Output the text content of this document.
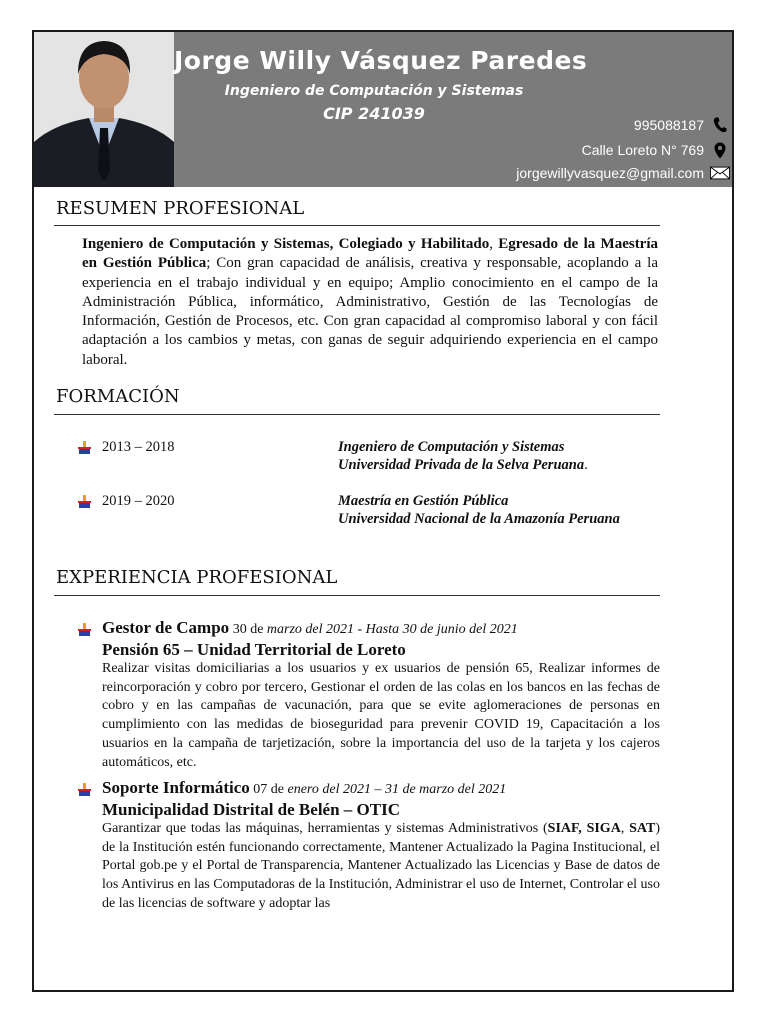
Jorge Willy Vásquez Paredes
Ingeniero de Computación y Sistemas
CIP 241039
995088187
Calle Loreto N° 769
jorgewillyvasquez@gmail.com
RESUMEN PROFESIONAL
Ingeniero de Computación y Sistemas, Colegiado y Habilitado, Egresado de la Maestría en Gestión Pública; Con gran capacidad de análisis, creativa y responsable, acoplando a la experiencia en el trabajo individual y en equipo; Amplio conocimiento en el campo de la Administración Pública, informático, Administrativo, Gestión de las Tecnologías de Información, Gestión de Procesos, etc. Con gran capacidad al compromiso laboral y con fácil adaptación a los cambios y metas, con ganas de seguir adquiriendo experiencia en el campo laboral.
FORMACIÓN
2013 – 2018	Ingeniero de Computación y Sistemas
Universidad Privada de la Selva Peruana.
2019 – 2020	Maestría en Gestión Pública
Universidad Nacional de la Amazonía Peruana
EXPERIENCIA PROFESIONAL
Gestor de Campo 30 de marzo del 2021 - Hasta 30 de junio del 2021
Pensión 65 – Unidad Territorial de Loreto
Realizar visitas domiciliarias a los usuarios y ex usuarios de pensión 65, Realizar informes de reincorporación y cobro por tercero, Gestionar el orden de las colas en los bancos en las fechas de cobro y en las campañas de vacunación, para que se evite aglomeraciones de personas en cumplimiento con las medidas de bioseguridad para prevenir COVID 19, Capacitación a los usuarios en la campaña de tarjetización, sobre la importancia del uso de la tarjeta y los cajeros automáticos, etc.
Soporte Informático 07 de enero del 2021 – 31 de marzo del 2021
Municipalidad Distrital de Belén – OTIC
Garantizar que todas las máquinas, herramientas y sistemas Administrativos (SIAF, SIGA, SAT) de la Institución estén funcionando correctamente, Mantener Actualizado la Pagina Institucional, el Portal gob.pe y el Portal de Transparencia, Mantener Actualizado las Licencias y Base de datos de los Antivirus en las Computadoras de la Institución, Administrar el uso de Internet, Controlar el uso de las licencias de software y adoptar las
